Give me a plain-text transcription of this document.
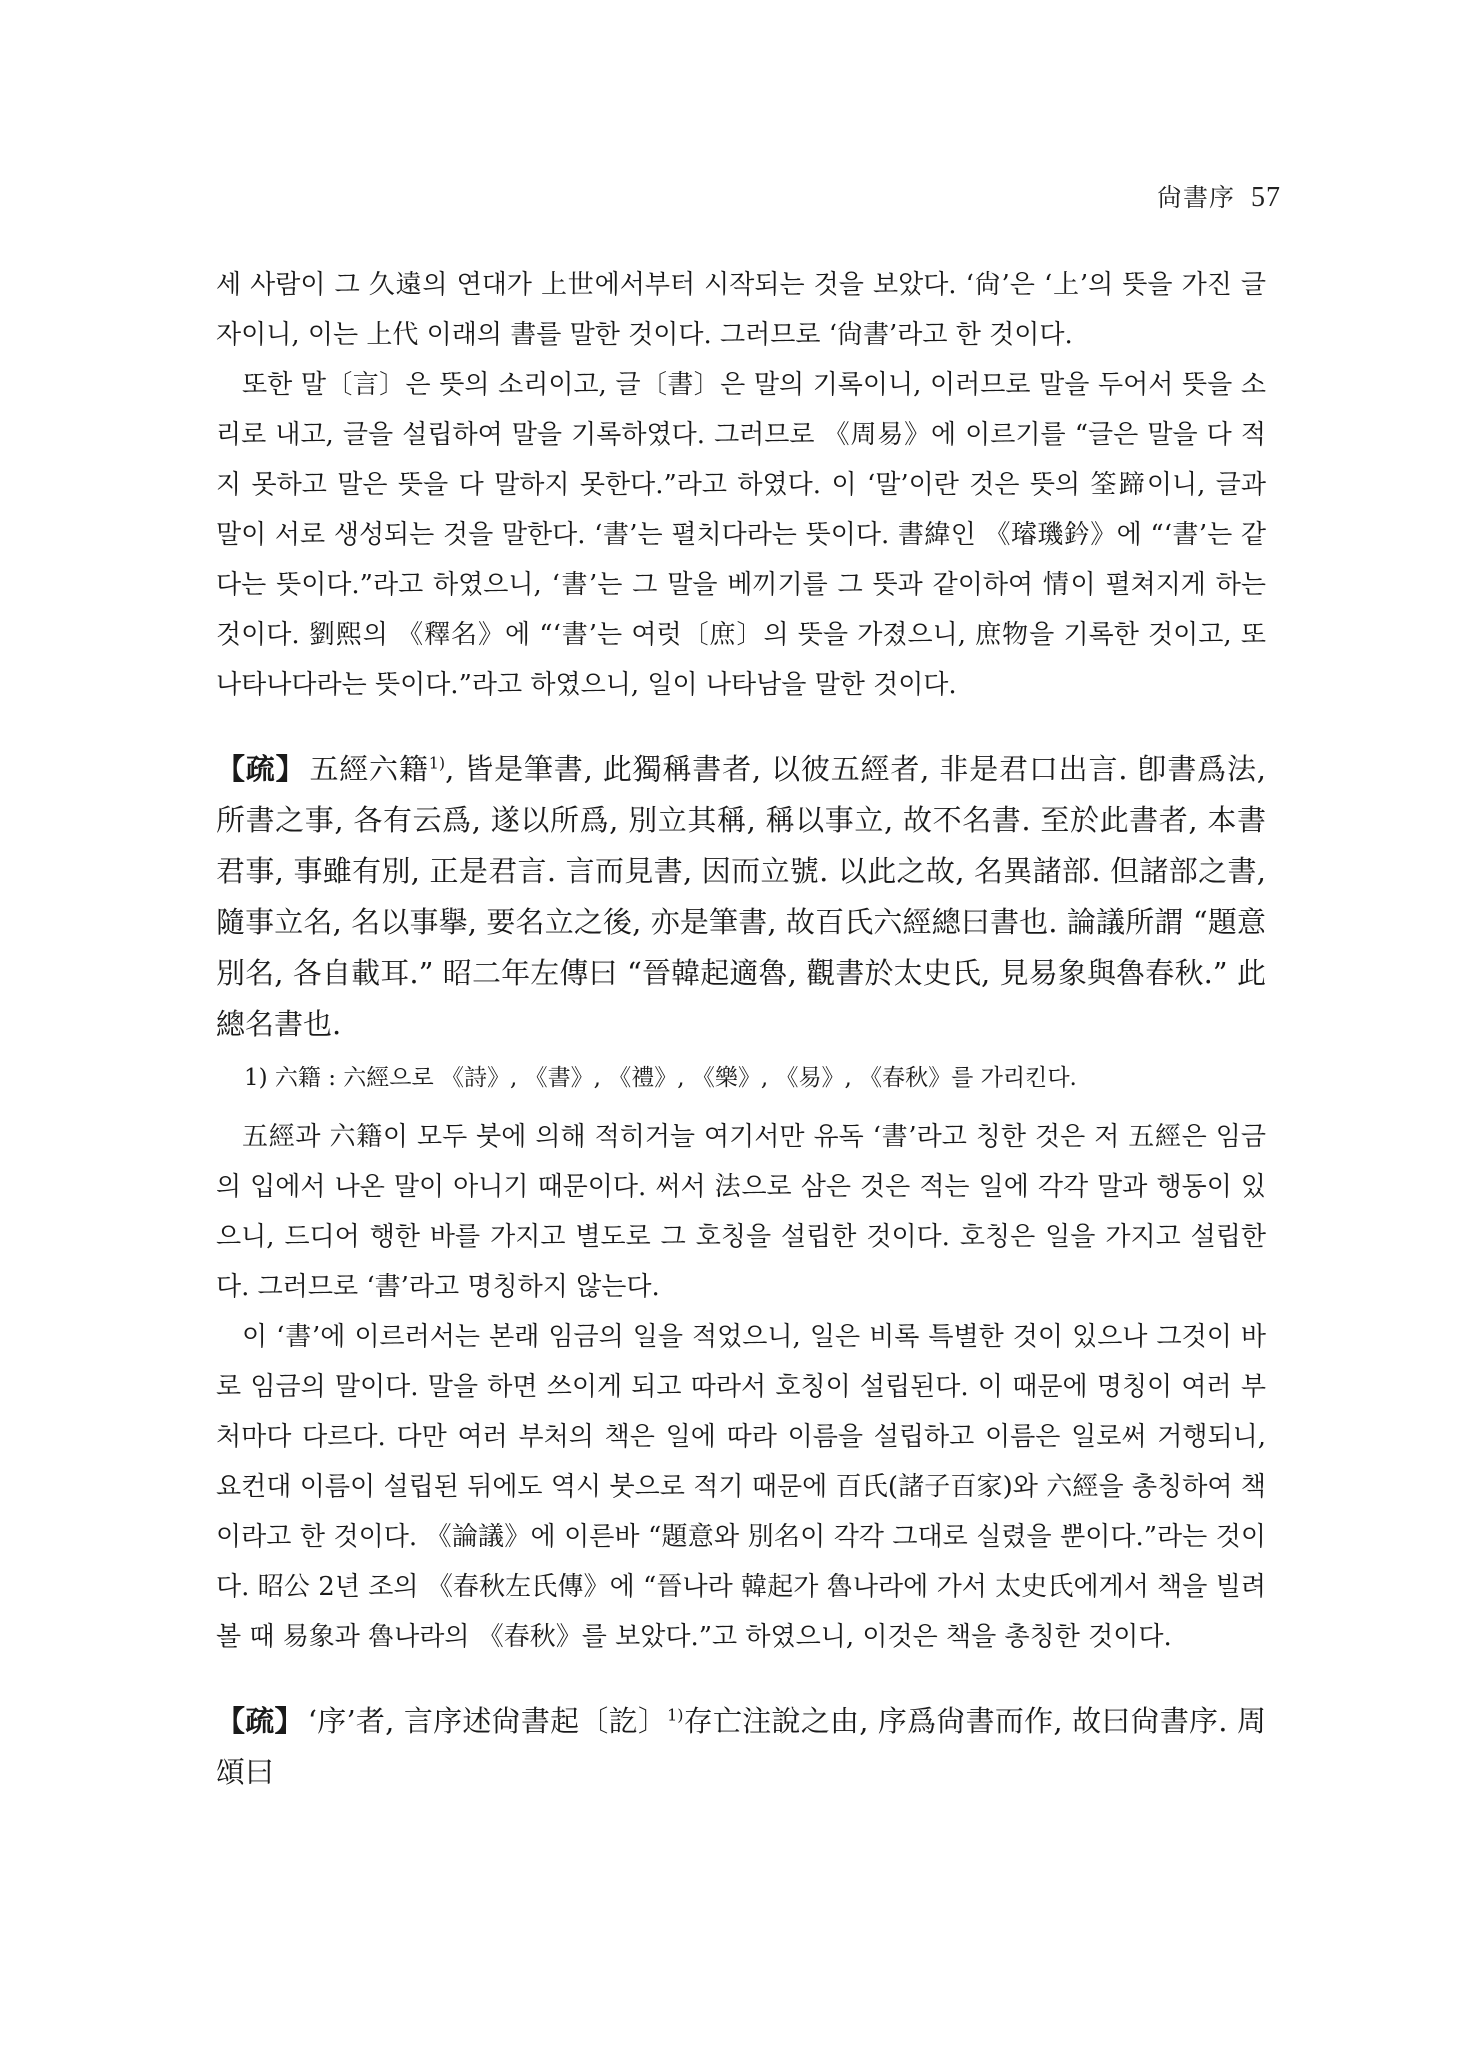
尙書序 57

세 사람이 그 久遠의 연대가 上世에서부터 시작되는 것을 보았다. ‘尙’은 ‘上’의 뜻을 가진 글자이니, 이는 上代 이래의 書를 말한 것이다. 그러므로 ‘尙書’라고 한 것이다.

또한 말〔言〕은 뜻의 소리이고, 글〔書〕은 말의 기록이니, 이러므로 말을 두어서 뜻을 소리로 내고, 글을 설립하여 말을 기록하였다. 그러므로 《周易》에 이르기를 “글은 말을 다 적지 못하고 말은 뜻을 다 말하지 못한다.”라고 하였다. 이 ‘말’이란 것은 뜻의 筌蹄이니, 글과 말이 서로 생성되는 것을 말한다. ‘書’는 펼치다라는 뜻이다. 書緯인 《璿璣鈐》에 “‘書’는 같다는 뜻이다.”라고 하였으니, ‘書’는 그 말을 베끼기를 그 뜻과 같이하여 情이 펼쳐지게 하는 것이다. 劉熙의 《釋名》에 “‘書’는 여럿〔庶〕의 뜻을 가졌으니, 庶物을 기록한 것이고, 또 나타나다라는 뜻이다.”라고 하였으니, 일이 나타남을 말한 것이다.

【疏】 五經六籍$^{1)}$, 皆是筆書, 此獨稱書者, 以彼五經者, 非是君口出言. 卽書爲法, 所書之事, 各有云爲, 遂以所爲, 別立其稱, 稱以事立, 故不名書. 至於此書者, 本書君事, 事雖有別, 正是君言. 言而見書, 因而立號. 以此之故, 名異諸部. 但諸部之書, 隨事立名, 名以事擧, 要名立之後, 亦是筆書, 故百氏六經總曰書也. 論議所謂 “題意別名, 各自載耳.” 昭二年左傳曰 “晉韓起適魯, 觀書於太史氏, 見易象與魯春秋.” 此總名書也.

1) 六籍 : 六經으로 《詩》, 《書》, 《禮》, 《樂》, 《易》, 《春秋》를 가리킨다.

五經과 六籍이 모두 붓에 의해 적히거늘 여기서만 유독 ‘書’라고 칭한 것은 저 五經은 임금의 입에서 나온 말이 아니기 때문이다. 써서 法으로 삼은 것은 적는 일에 각각 말과 행동이 있으니, 드디어 행한 바를 가지고 별도로 그 호칭을 설립한 것이다. 호칭은 일을 가지고 설립한다. 그러므로 ‘書’라고 명칭하지 않는다.

이 ‘書’에 이르러서는 본래 임금의 일을 적었으니, 일은 비록 특별한 것이 있으나 그것이 바로 임금의 말이다. 말을 하면 쓰이게 되고 따라서 호칭이 설립된다. 이 때문에 명칭이 여러 부처마다 다르다. 다만 여러 부처의 책은 일에 따라 이름을 설립하고 이름은 일로써 거행되니, 요컨대 이름이 설립된 뒤에도 역시 붓으로 적기 때문에 百氏(諸子百家)와 六經을 총칭하여 책이라고 한 것이다. 《論議》에 이른바 “題意와 別名이 각각 그대로 실렸을 뿐이다.”라는 것이다. 昭公 2년 조의 《春秋左氏傳》에 “晉나라 韓起가 魯나라에 가서 太史氏에게서 책을 빌려볼 때 易象과 魯나라의 《春秋》를 보았다.”고 하였으니, 이것은 책을 총칭한 것이다.

【疏】 ‘序’者, 言序述尙書起〔訖〕$^{1)}$存亡注說之由, 序爲尙書而作, 故曰尙書序. 周頌曰
